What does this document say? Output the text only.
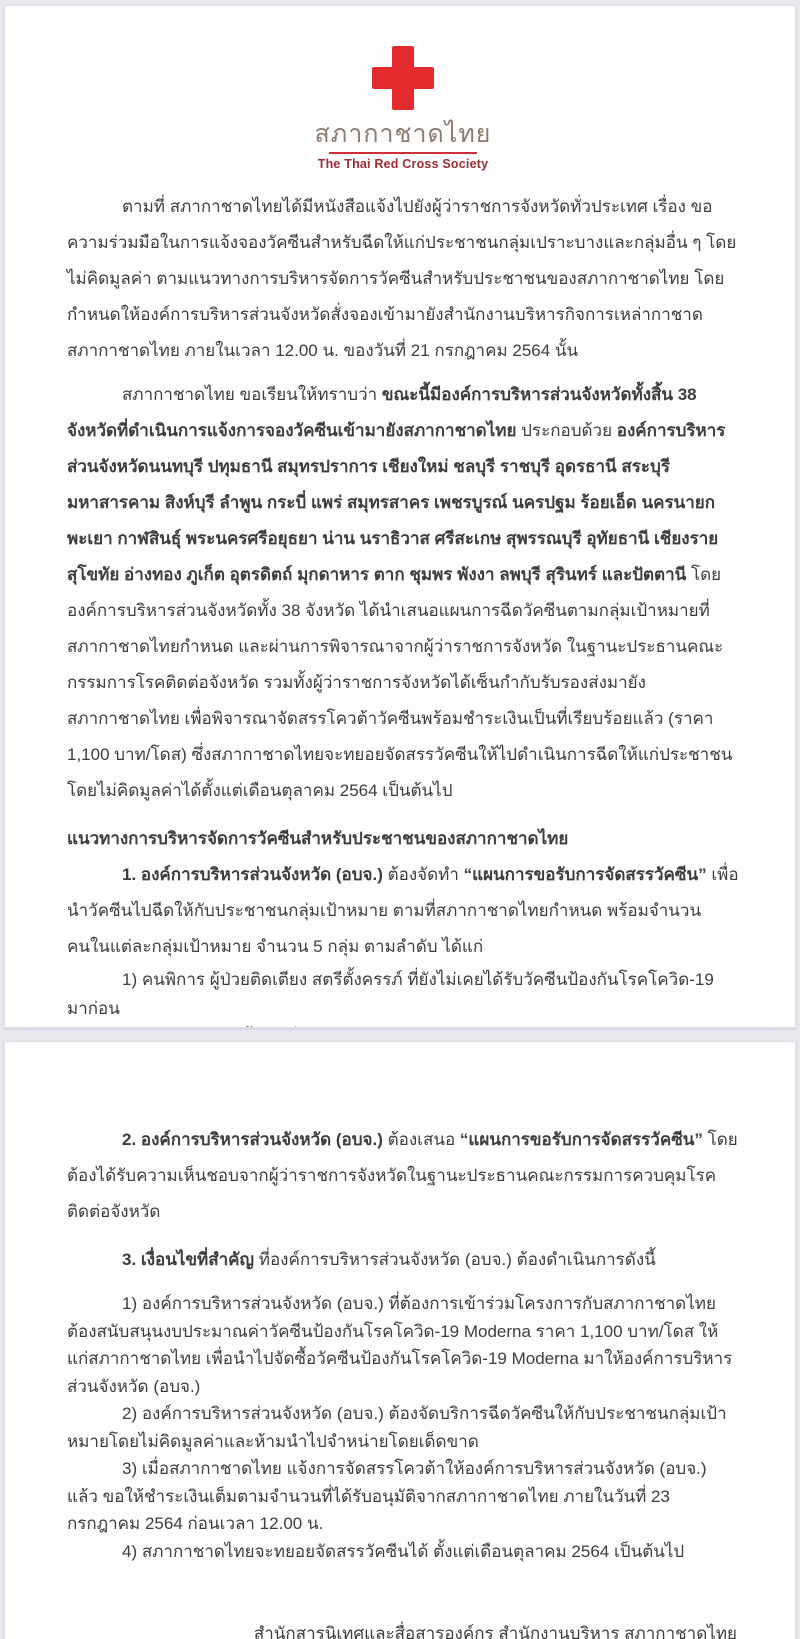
สภากาชาดไทย
The Thai Red Cross Society

ตามที่ สภากาชาดไทยได้มีหนังสือแจ้งไปยังผู้ว่าราชการจังหวัดทั่วประเทศ เรื่อง ขอความร่วมมือในการแจ้งจองวัคซีนสำหรับฉีดให้แก่ประชาชนกลุ่มเปราะบางและกลุ่มอื่น ๆ โดยไม่คิดมูลค่า ตามแนวทางการบริหารจัดการวัคซีนสำหรับประชาชนของสภากาชาดไทย โดยกำหนดให้องค์การบริหารส่วนจังหวัดสั่งจองเข้ามายังสำนักงานบริหารกิจการเหล่ากาชาด สภากาชาดไทย ภายในเวลา 12.00 น. ของวันที่ 21 กรกฎาคม 2564 นั้น

สภากาชาดไทย ขอเรียนให้ทราบว่า ขณะนี้มีองค์การบริหารส่วนจังหวัดทั้งสิ้น 38 จังหวัดที่ดำเนินการแจ้งการจองวัคซีนเข้ามายังสภากาชาดไทย ประกอบด้วย องค์การบริหารส่วนจังหวัดนนทบุรี ปทุมธานี สมุทรปราการ เชียงใหม่ ชลบุรี ราชบุรี อุดรธานี สระบุรี มหาสารคาม สิงห์บุรี ลำพูน กระบี่ แพร่ สมุทรสาคร เพชรบูรณ์ นครปฐม ร้อยเอ็ด นครนายก พะเยา กาฬสินธุ์ พระนครศรีอยุธยา น่าน นราธิวาส ศรีสะเกษ สุพรรณบุรี อุทัยธานี เชียงราย สุโขทัย อ่างทอง ภูเก็ต อุตรดิตถ์ มุกดาหาร ตาก ชุมพร พังงา ลพบุรี สุรินทร์ และปัตตานี โดยองค์การบริหารส่วนจังหวัดทั้ง 38 จังหวัด ได้นำเสนอแผนการฉีดวัคซีนตามกลุ่มเป้าหมายที่สภากาชาดไทยกำหนด และผ่านการพิจารณาจากผู้ว่าราชการจังหวัด ในฐานะประธานคณะกรรมการโรคติดต่อจังหวัด รวมทั้งผู้ว่าราชการจังหวัดได้เซ็นกำกับรับรองส่งมายังสภากาชาดไทย เพื่อพิจารณาจัดสรรโควต้าวัคซีนพร้อมชำระเงินเป็นที่เรียบร้อยแล้ว (ราคา 1,100 บาท/โดส) ซึ่งสภากาชาดไทยจะทยอยจัดสรรวัคซีนให้ไปดำเนินการฉีดให้แก่ประชาชน โดยไม่คิดมูลค่าได้ตั้งแต่เดือนตุลาคม 2564 เป็นต้นไป

แนวทางการบริหารจัดการวัคซีนสำหรับประชาชนของสภากาชาดไทย

1. องค์การบริหารส่วนจังหวัด (อบจ.) ต้องจัดทำ “แผนการขอรับการจัดสรรวัคซีน” เพื่อนำวัคซีนไปฉีดให้กับประชาชนกลุ่มเป้าหมาย ตามที่สภากาชาดไทยกำหนด พร้อมจำนวนคนในแต่ละกลุ่มเป้าหมาย จำนวน 5 กลุ่ม ตามลำดับ ได้แก่

1) คนพิการ ผู้ป่วยติดเตียง สตรีตั้งครรภ์ ที่ยังไม่เคยได้รับวัคซีนป้องกันโรคโควิด-19 มาก่อน

2. องค์การบริหารส่วนจังหวัด (อบจ.) ต้องเสนอ “แผนการขอรับการจัดสรรวัคซีน” โดยต้องได้รับความเห็นชอบจากผู้ว่าราชการจังหวัดในฐานะประธานคณะกรรมการควบคุมโรคติดต่อจังหวัด

3. เงื่อนไขที่สำคัญ ที่องค์การบริหารส่วนจังหวัด (อบจ.) ต้องดำเนินการดังนี้

1) องค์การบริหารส่วนจังหวัด (อบจ.) ที่ต้องการเข้าร่วมโครงการกับสภากาชาดไทย ต้องสนับสนุนงบประมาณค่าวัคซีนป้องกันโรคโควิด-19 Moderna ราคา 1,100 บาท/โดส ให้แก่สภากาชาดไทย เพื่อนำไปจัดซื้อวัคซีนป้องกันโรคโควิด-19 Moderna มาให้องค์การบริหารส่วนจังหวัด (อบจ.)

2) องค์การบริหารส่วนจังหวัด (อบจ.) ต้องจัดบริการฉีดวัคซีนให้กับประชาชนกลุ่มเป้าหมายโดยไม่คิดมูลค่าและห้ามนำไปจำหน่ายโดยเด็ดขาด

3) เมื่อสภากาชาดไทย แจ้งการจัดสรรโควต้าให้องค์การบริหารส่วนจังหวัด (อบจ.) แล้ว ขอให้ชำระเงินเต็มตามจำนวนที่ได้รับอนุมัติจากสภากาชาดไทย ภายในวันที่ 23 กรกฎาคม 2564 ก่อนเวลา 12.00 น.

4) สภากาชาดไทยจะทยอยจัดสรรวัคซีนได้ ตั้งแต่เดือนตุลาคม 2564 เป็นต้นไป

สำนักสารนิเทศและสื่อสารองค์กร สำนักงานบริหาร สภากาชาดไทย
